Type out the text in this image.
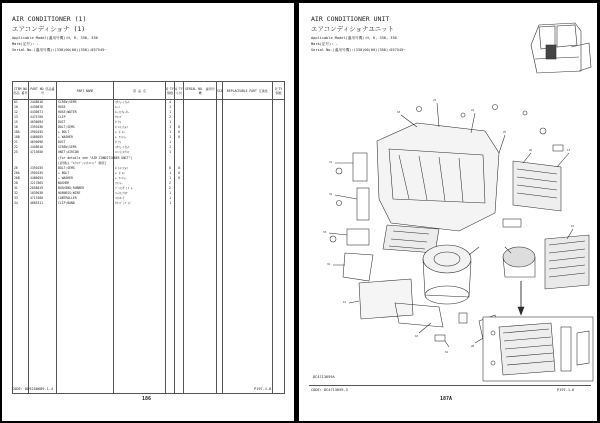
AIR CONDITIONER (1)
エアコンディショナ (1)
Applicable Model(適用号機):H, K, 330, 350
Mark(記号): -
Serial No.(適用号機):(330)00(00)(350):057545~
ITEM NO 部品 番号	PART NO 部品番号	PART NAME	部 品 名	Q'TY 個数	Q'TY 小計	SERIAL NO. 適用号機	SCA	REPLACEABLE PART 互換性	Q'TY 個数
01	J448616	SCREW;SEMS	ｽｸﾘｭｰ;ｾﾑｽ	4					
10	4430876	HOSE	ﾎｰｽ	1					
12	4430871	HOSE;WATER	ﾎｰｽ;ｳｫｰﾀｰ	1					
13	4475760	CLIP	ｸﾘｯﾌﾟ	2					
15	4636094	DUCT	ﾀﾞｸﾄ	1					
18	J391036	BOLT;SEMS	ﾎﾞﾙﾄ;ｾﾑｽ	1	0				
18A	J901035	+ BOLT	+ ﾎﾞﾙﾄ	1	0				
18B	4486055	+ WASHER	+ ﾜｯｼｬｰ	1	0				
21	4636096	DUCT	ﾀﾞｸﾄ	1					
22	J448616	SCREW;SEMS	ｽｸﾘｭｰ;ｾﾑｽ	2					
25	4713650	UNIT;AIRCON	ﾕﾆｯﾄ;ｴｱｺﾝ	1					
		(For details see "AIR CONDITIONER UNIT")							
		(詳細は "ｴｱｺﾝﾃﾞｨｼｮﾅﾕﾆｯﾄ" 参照)							
26	J391035	BOLT;SEMS	ﾎﾞﾙﾄ;ｾﾑｽ	6	0				
26A	J901035	+ BOLT	+ ﾎﾞﾙﾄ	1	0				
26B	4486055	+ WASHER	+ ﾜｯｼｬｰ	1	0				
28	J217865	WASHER	ﾜｯｼｬｰ	2					
31	2058819	BUSHING;RUBBER	ﾌﾞｯｼﾝｸﾞ;ｺﾞﾑ	2					
32	1039630	HARNESS;WIRE	ﾊｰﾈｽ;ﾜｲﾔ	1					
33	4713360	CONTROLLER	ｺﾝﾄﾛｰﾗ	1					
34	4065311	CLIP;BAND	ｸﾘｯﾌﾟ;ﾊﾞﾝﾄﾞ	1					

CODE: DD9250689-1-4
186
P197-1-6
AIR CONDITIONER UNIT
エアコンディショナユニット
Applicable Model(適用号機):H, K, 330, 350
Mark(記号): -
Serial No.(適用号機):(330)00(00)(350):057545~
18
21
22
25
26
31
32
33
34
12
13
15
10
28
01
DC4713659A
CODE: DC4713659-3
187A
P197-1-6
